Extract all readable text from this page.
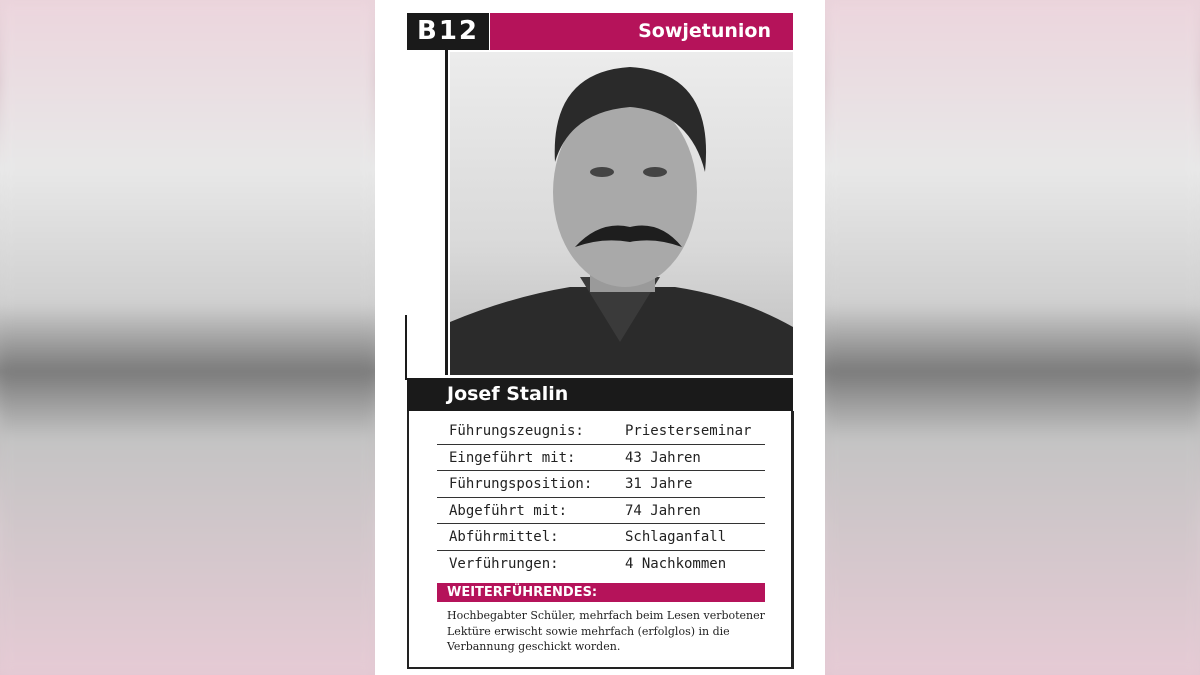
B12	Sowjetunion
Josef Stalin
Führungszeugnis:	Priesterseminar
Eingeführt mit:	43 Jahren
Führungsposition:	31 Jahre
Abgeführt mit:	74 Jahren
Abführmittel:	Schlaganfall
Verführungen:	4 Nachkommen
WEITERFÜHRENDES:
Hochbegabter Schüler, mehrfach beim Lesen verbotener Lektüre erwischt sowie mehrfach (erfolglos) in die Verbannung geschickt worden.
